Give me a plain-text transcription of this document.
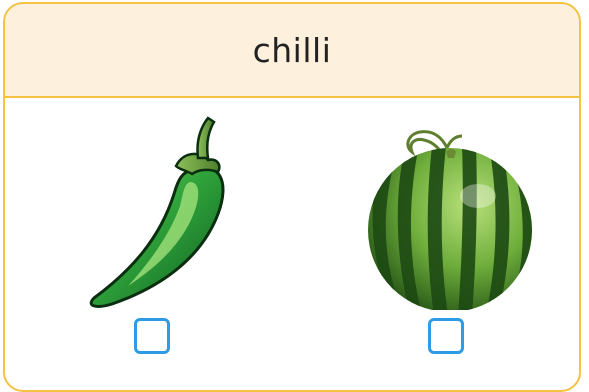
chilli
